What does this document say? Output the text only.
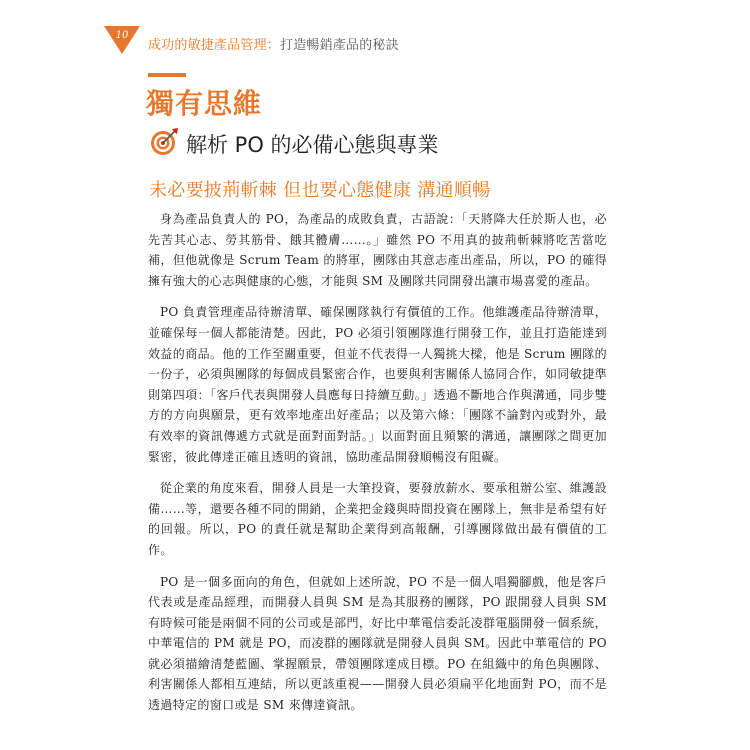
10
成功的敏捷產品管理：打造暢銷產品的秘訣
獨有思維
解析 PO 的必備心態與專業
未必要披荊斬棘 但也要心態健康 溝通順暢

身為產品負責人的 PO，為產品的成敗負責，古語說：「天將降大任於斯人也，必先苦其心志、勞其筋骨、餓其體膚……。」雖然 PO 不用真的披荊斬棘將吃苦當吃補，但他就像是 Scrum Team 的將軍，團隊由其意志產出產品，所以，PO 的確得擁有強大的心志與健康的心態，才能與 SM 及團隊共同開發出讓市場喜愛的產品。

PO 負責管理產品待辦清單、確保團隊執行有價值的工作。他維護產品待辦清單，並確保每一個人都能清楚。因此，PO 必須引領團隊進行開發工作，並且打造能達到效益的商品。他的工作至關重要，但並不代表得一人獨挑大樑，他是 Scrum 團隊的一份子，必須與團隊的每個成員緊密合作，也要與利害關係人協同合作，如同敏捷準則第四項：「客戶代表與開發人員應每日持續互動。」透過不斷地合作與溝通，同步雙方的方向與願景，更有效率地產出好產品；以及第六條：「團隊不論對內或對外，最有效率的資訊傳遞方式就是面對面對話。」以面對面且頻繁的溝通，讓團隊之間更加緊密，彼此傳達正確且透明的資訊，協助產品開發順暢沒有阻礙。

從企業的角度來看，開發人員是一大筆投資，要發放薪水、要承租辦公室、維護設備……等，還要各種不同的開銷，企業把金錢與時間投資在團隊上，無非是希望有好的回報。所以，PO 的責任就是幫助企業得到高報酬，引導團隊做出最有價值的工作。

PO 是一個多面向的角色，但就如上述所說，PO 不是一個人唱獨腳戲，他是客戶代表或是產品經理，而開發人員與 SM 是為其服務的團隊，PO 跟開發人員與 SM 有時候可能是兩個不同的公司或是部門，好比中華電信委託凌群電腦開發一個系統，中華電信的 PM 就是 PO，而凌群的團隊就是開發人員與 SM。因此中華電信的 PO 就必須描繪清楚藍圖、掌握願景，帶領團隊達成目標。PO 在組織中的角色與團隊、利害關係人都相互連結，所以更該重視——開發人員必須扁平化地面對 PO，而不是透過特定的窗口或是 SM 來傳達資訊。
